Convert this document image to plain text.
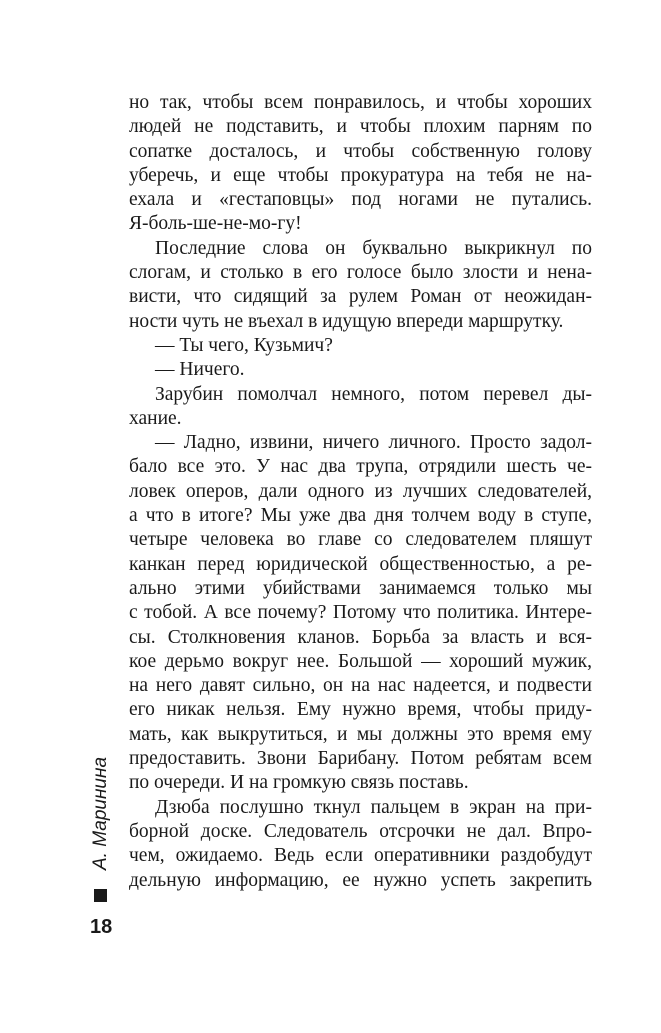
но так, чтобы всем понравилось, и чтобы хороших
людей не подставить, и чтобы плохим парням по
сопатке досталось, и чтобы собственную голову
уберечь, и еще чтобы прокуратура на тебя не на-
ехала и «гестаповцы» под ногами не путались.
Я-боль-ше-не-мо-гу!
Последние слова он буквально выкрикнул по
слогам, и столько в его голосе было злости и нена-
висти, что сидящий за рулем Роман от неожидан-
ности чуть не въехал в идущую впереди маршрутку.
— Ты чего, Кузьмич?
— Ничего.
Зарубин помолчал немного, потом перевел ды-
хание.
— Ладно, извини, ничего личного. Просто задол-
бало все это. У нас два трупа, отрядили шесть че-
ловек оперов, дали одного из лучших следователей,
а что в итоге? Мы уже два дня толчем воду в ступе,
четыре человека во главе со следователем пляшут
канкан перед юридической общественностью, а ре-
ально этими убийствами занимаемся только мы
с тобой. А все почему? Потому что политика. Интере-
сы. Столкновения кланов. Борьба за власть и вся-
кое дерьмо вокруг нее. Большой — хороший мужик,
на него давят сильно, он на нас надеется, и подвести
его никак нельзя. Ему нужно время, чтобы приду-
мать, как выкрутиться, и мы должны это время ему
предоставить. Звони Барибану. Потом ребятам всем
по очереди. И на громкую связь поставь.
Дзюба послушно ткнул пальцем в экран на при-
борной доске. Следователь отсрочки не дал. Впро-
чем, ожидаемо. Ведь если оперативники раздобудут
дельную информацию, ее нужно успеть закрепить
А. Маринина
18
